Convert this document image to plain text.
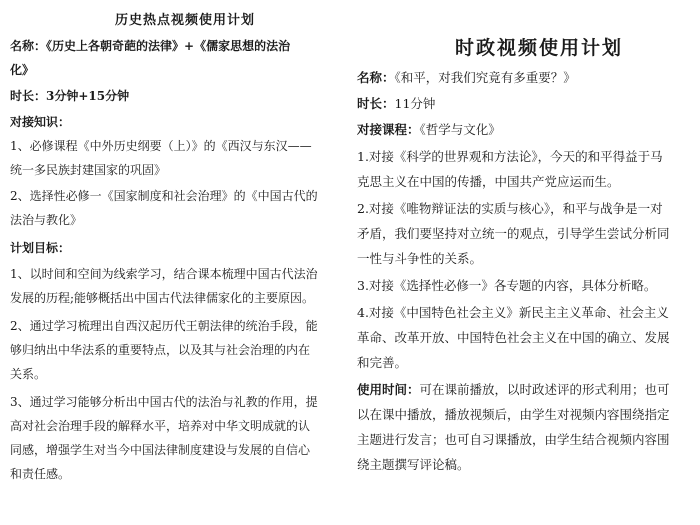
历史热点视频使用计划
名称：《历史上各朝奇葩的法律》+《儒家思想的法治
化》
时长：3分钟+15分钟
对接知识：
1、必修课程《中外历史纲要（上）》的《西汉与东汉——
统一多民族封建国家的巩固》
2、选择性必修一《国家制度和社会治理》的《中国古代的
法治与教化》
计划目标：
1、以时间和空间为线索学习，结合课本梳理中国古代法治
发展的历程;能够概括出中国古代法律儒家化的主要原因。
2、通过学习梳理出自西汉起历代王朝法律的统治手段，能
够归纳出中华法系的重要特点，以及其与社会治理的内在
关系。
3、通过学习能够分析出中国古代的法治与礼教的作用，提
高对社会治理手段的解释水平，培养对中华文明成就的认
同感，增强学生对当今中国法律制度建设与发展的自信心
和责任感。
时政视频使用计划
名称：《和平，对我们究竟有多重要？》
时长：11分钟
对接课程：《哲学与文化》
1.对接《科学的世界观和方法论》，今天的和平得益于马
克思主义在中国的传播，中国共产党应运而生。
2.对接《唯物辩证法的实质与核心》，和平与战争是一对
矛盾，我们要坚持对立统一的观点，引导学生尝试分析同
一性与斗争性的关系。
3.对接《选择性必修一》各专题的内容，具体分析略。
4.对接《中国特色社会主义》新民主主义革命、社会主义
革命、改革开放、中国特色社会主义在中国的确立、发展
和完善。
使用时间：可在课前播放，以时政述评的形式利用；也可
以在课中播放，播放视频后，由学生对视频内容围绕指定
主题进行发言；也可自习课播放，由学生结合视频内容围
绕主题撰写评论稿。
